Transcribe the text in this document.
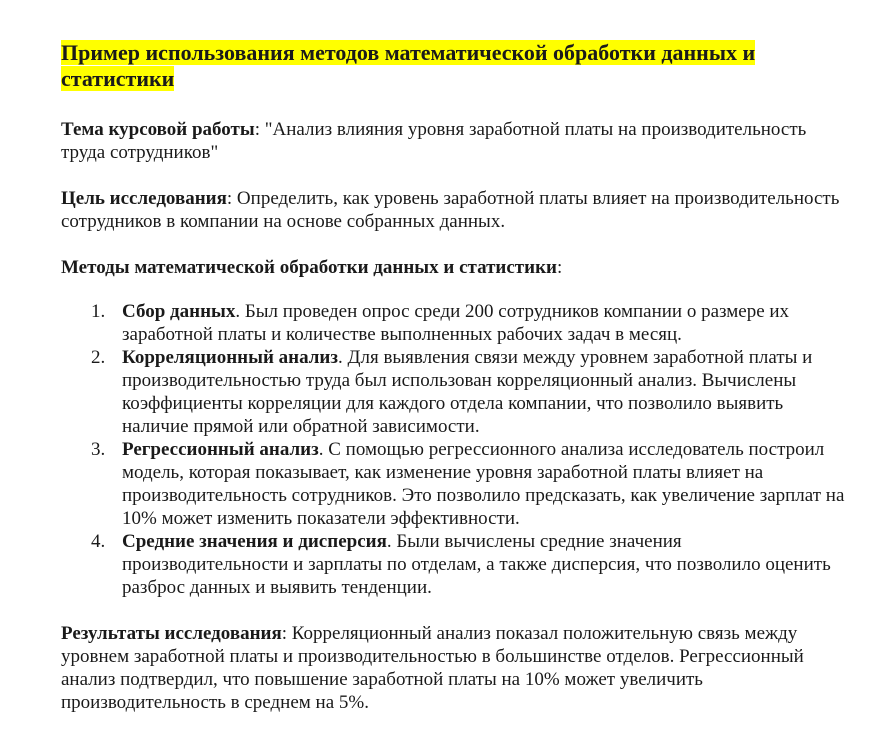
Пример использования методов математической обработки данных и статистики
Тема курсовой работы: "Анализ влияния уровня заработной платы на производительность труда сотрудников"
Цель исследования: Определить, как уровень заработной платы влияет на производительность сотрудников в компании на основе собранных данных.
Методы математической обработки данных и статистики:
1. Сбор данных. Был проведен опрос среди 200 сотрудников компании о размере их заработной платы и количестве выполненных рабочих задач в месяц.
2. Корреляционный анализ. Для выявления связи между уровнем заработной платы и производительностью труда был использован корреляционный анализ. Вычислены коэффициенты корреляции для каждого отдела компании, что позволило выявить наличие прямой или обратной зависимости.
3. Регрессионный анализ. С помощью регрессионного анализа исследователь построил модель, которая показывает, как изменение уровня заработной платы влияет на производительность сотрудников. Это позволило предсказать, как увеличение зарплат на 10% может изменить показатели эффективности.
4. Средние значения и дисперсия. Были вычислены средние значения производительности и зарплаты по отделам, а также дисперсия, что позволило оценить разброс данных и выявить тенденции.
Результаты исследования: Корреляционный анализ показал положительную связь между уровнем заработной платы и производительностью в большинстве отделов. Регрессионный анализ подтвердил, что повышение заработной платы на 10% может увеличить производительность в среднем на 5%.
